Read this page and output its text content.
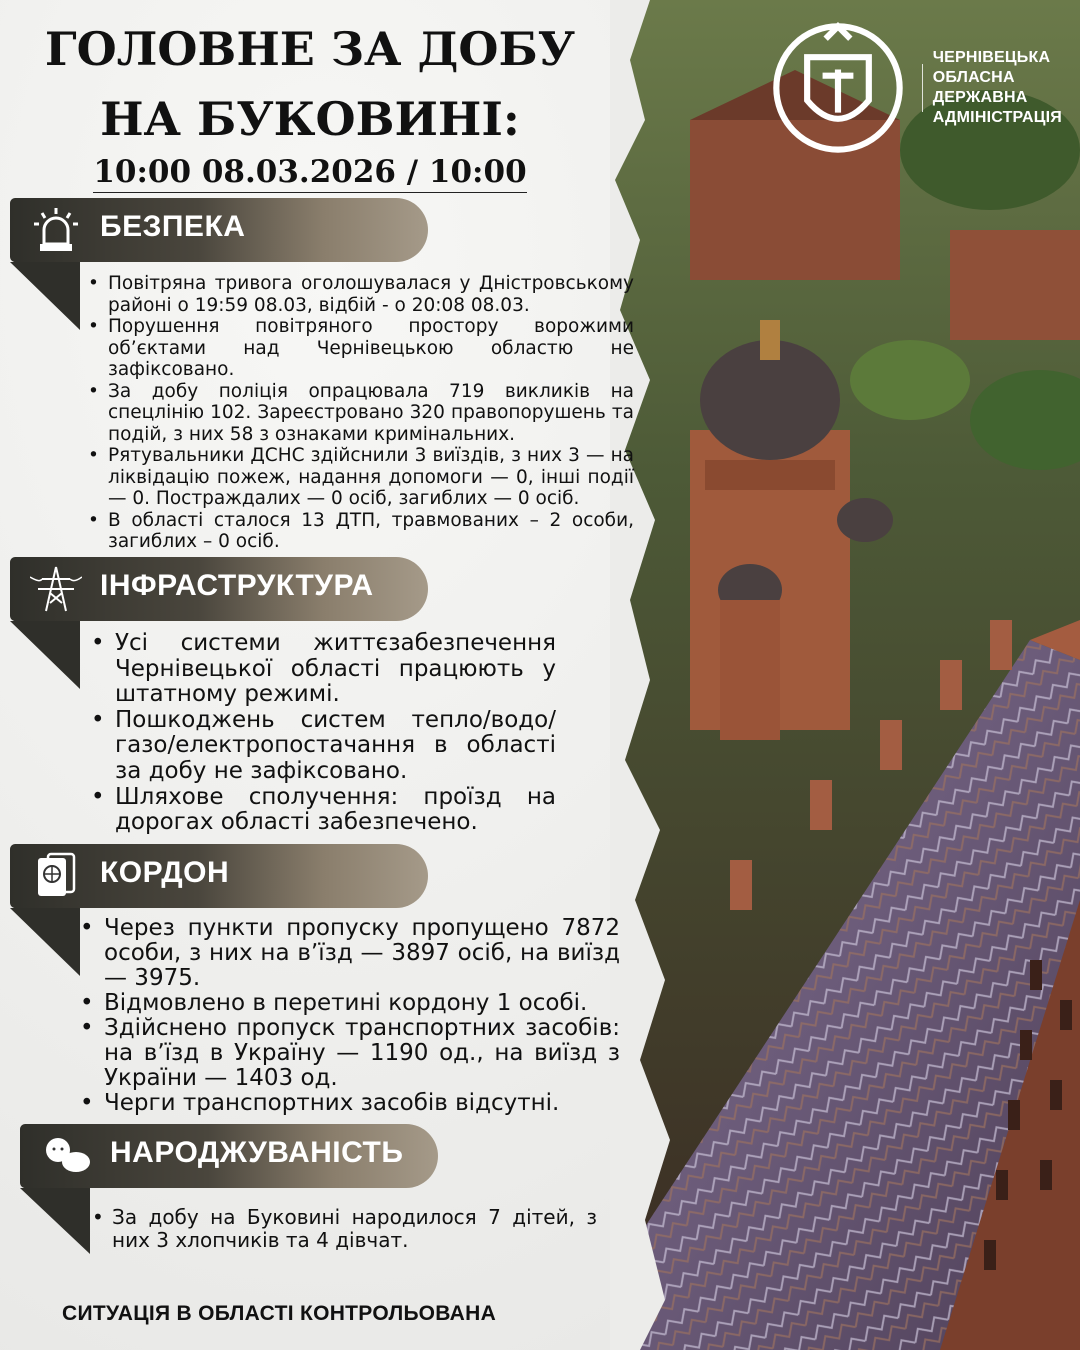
ЧЕРНІВЕЦЬКА ОБЛАСНА
ДЕРЖАВНА АДМІНІСТРАЦІЯ
ГОЛОВНЕ ЗА ДОБУ
НА БУКОВИНІ:
10:00 08.03.2026 / 10:00
БЕЗПЕКА
• Повітряна тривога оголошувалася у Дністровському районі о 19:59 08.03, відбій - о 20:08 08.03.
• Порушення повітряного простору ворожими об’єктами над Чернівецькою областю не зафіксовано.
• За добу поліція опрацювала 719 викликів на спецлінію 102. Зареєстровано 320 правопорушень та подій, з них 58 з ознаками кримінальних.
• Рятувальники ДСНС здійснили 3 виїздів, з них 3 — на ліквідацію пожеж, надання допомоги — 0, інші події — 0. Постраждалих — 0 осіб, загиблих — 0 осіб.
• В області сталося 13 ДТП, травмованих – 2 особи, загиблих – 0 осіб.
ІНФРАСТРУКТУРА
• Усі системи життєзабезпечення Чернівецької області працюють у штатному режимі.
• Пошкоджень систем тепло/водо/ газо/електропостачання в області за добу не зафіксовано.
• Шляхове сполучення: проїзд на дорогах області забезпечено.
КОРДОН
• Через пункти пропуску пропущено 7872 особи, з них на вʼїзд — 3897 осіб, на виїзд — 3975.
• Відмовлено в перетині кордону 1 особі.
• Здійснено пропуск транспортних засобів: на вʼїзд в Україну — 1190 од., на виїзд з України — 1403 од.
• Черги транспортних засобів відсутні.
НАРОДЖУВАНІСТЬ
• За добу на Буковині народилося 7 дітей, з них 3 хлопчиків та 4 дівчат.
СИТУАЦІЯ В ОБЛАСТІ КОНТРОЛЬОВАНА
